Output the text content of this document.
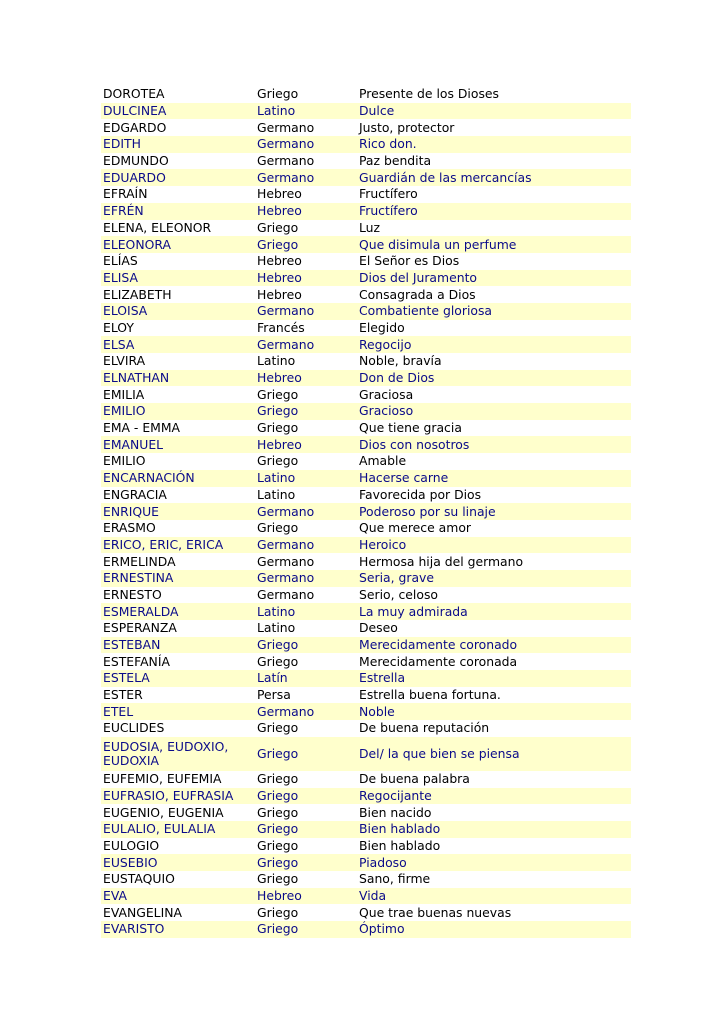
DOROTEA	Griego	Presente de los Dioses
DULCINEA	Latino	Dulce
EDGARDO	Germano	Justo, protector
EDITH	Germano	Rico don.
EDMUNDO	Germano	Paz bendita
EDUARDO	Germano	Guardián de las mercancías
EFRAÍN	Hebreo	Fructífero
EFRÉN	Hebreo	Fructífero
ELENA, ELEONOR	Griego	Luz
ELEONORA	Griego	Que disimula un perfume
ELÍAS	Hebreo	El Señor es Dios
ELISA	Hebreo	Dios del Juramento
ELIZABETH	Hebreo	Consagrada a Dios
ELOISA	Germano	Combatiente gloriosa
ELOY	Francés	Elegido
ELSA	Germano	Regocijo
ELVIRA	Latino	Noble, bravía
ELNATHAN	Hebreo	Don de Dios
EMILIA	Griego	Graciosa
EMILIO	Griego	Gracioso
EMA - EMMA	Griego	Que tiene gracia
EMANUEL	Hebreo	Dios con nosotros
EMILIO	Griego	Amable
ENCARNACIÓN	Latino	Hacerse carne
ENGRACIA	Latino	Favorecida por Dios
ENRIQUE	Germano	Poderoso por su linaje
ERASMO	Griego	Que merece amor
ERICO, ERIC, ERICA	Germano	Heroico
ERMELINDA	Germano	Hermosa hija del germano
ERNESTINA	Germano	Seria, grave
ERNESTO	Germano	Serio, celoso
ESMERALDA	Latino	La muy admirada
ESPERANZA	Latino	Deseo
ESTEBAN	Griego	Merecidamente coronado
ESTEFANÍA	Griego	Merecidamente coronada
ESTELA	Latín	Estrella
ESTER	Persa	Estrella buena fortuna.
ETEL	Germano	Noble
EUCLIDES	Griego	De buena reputación
EUDOSIA, EUDOXIO, EUDOXIA	Griego	Del/ la que bien se piensa
EUFEMIO, EUFEMIA	Griego	De buena palabra
EUFRASIO, EUFRASIA	Griego	Regocijante
EUGENIO, EUGENIA	Griego	Bien nacido
EULALIO, EULALIA	Griego	Bien hablado
EULOGIO	Griego	Bien hablado
EUSEBIO	Griego	Piadoso
EUSTAQUIO	Griego	Sano, firme
EVA	Hebreo	Vida
EVANGELINA	Griego	Que trae buenas nuevas
EVARISTO	Griego	Óptimo
